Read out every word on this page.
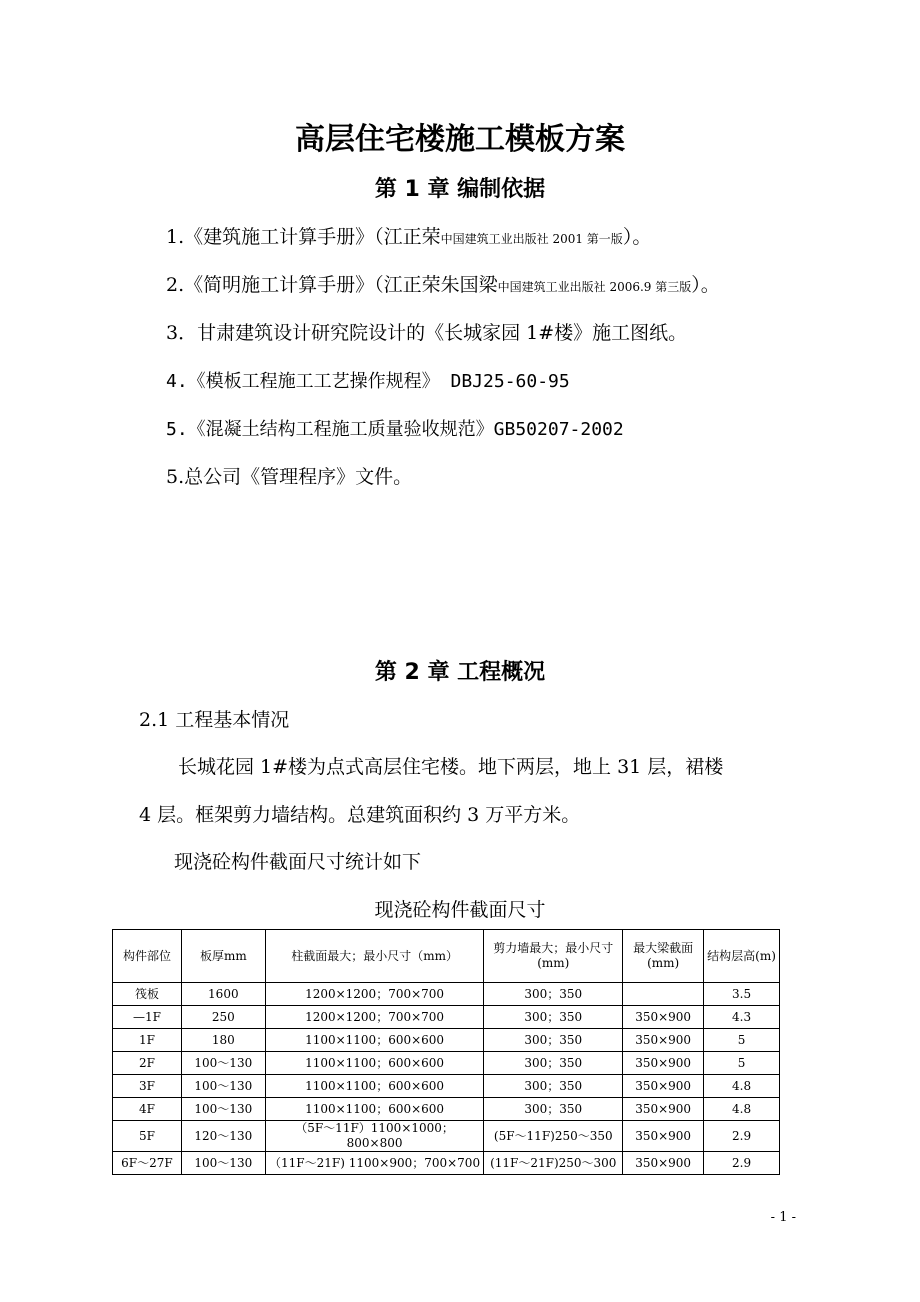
高层住宅楼施工模板方案
第 1 章 编制依据
1.《建筑施工计算手册》（江正荣中国建筑工业出版社 2001 第一版）。
2.《简明施工计算手册》（江正荣朱国梁中国建筑工业出版社 2006.9 第三版）。
3．甘肃建筑设计研究院设计的《长城家园 1#楼》施工图纸。
4.《模板工程施工工艺操作规程》 DBJ25-60-95
5.《混凝土结构工程施工质量验收规范》GB50207-2002
5.总公司《管理程序》文件。
第 2 章 工程概况
2.1 工程基本情况
长城花园 1#楼为点式高层住宅楼。地下两层，地上 31 层，裙楼
4 层。框架剪力墙结构。总建筑面积约 3 万平方米。
现浇砼构件截面尺寸统计如下
现浇砼构件截面尺寸
构件部位	板厚mm	柱截面最大；最小尺寸（mm）	剪力墙最大；最小尺寸(mm)	最大梁截面(mm)	结构层高(m)
筏板	1600	1200×1200；700×700	300；350		3.5
—1F	250	1200×1200；700×700	300；350	350×900	4.3
1F	180	1100×1100；600×600	300；350	350×900	5
2F	100～130	1100×1100；600×600	300；350	350×900	5
3F	100～130	1100×1100；600×600	300；350	350×900	4.8
4F	100～130	1100×1100；600×600	300；350	350×900	4.8
5F	120～130	（5F～11F）1100×1000；800×800	(5F～11F)250～350	350×900	2.9
6F～27F	100～130	（11F～21F) 1100×900；700×700	(11F～21F)250～300	350×900	2.9
- 1 -
